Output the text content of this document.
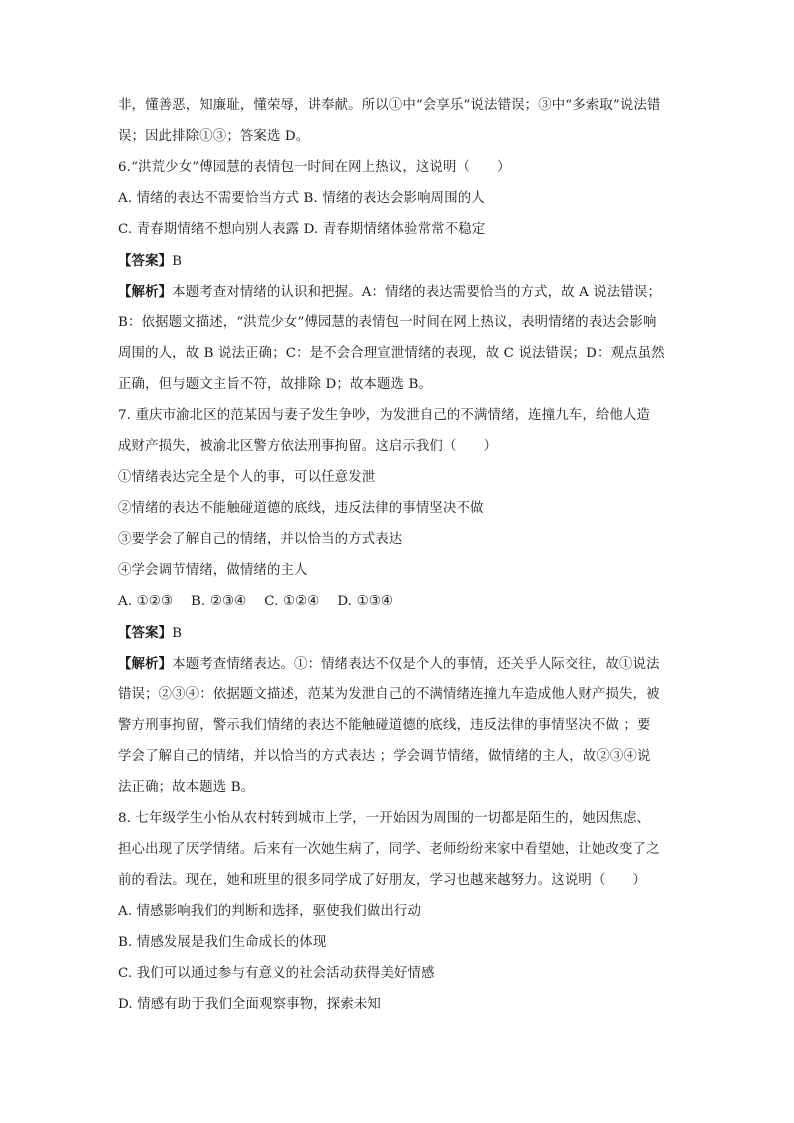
非，懂善恶，知廉耻，懂荣辱，讲奉献。所以①中“会享乐”说法错误；③中“多索取”说法错
误；因此排除①③；答案选 D。
6.“洪荒少女”傅园慧的表情包一时间在网上热议，这说明（　　）
A. 情绪的表达不需要恰当方式 B. 情绪的表达会影响周围的人
C. 青春期情绪不想向别人表露 D. 青春期情绪体验常常不稳定
【答案】B
【解析】本题考查对情绪的认识和把握。A：情绪的表达需要恰当的方式，故 A 说法错误；
B：依据题文描述，“洪荒少女”傅园慧的表情包一时间在网上热议，表明情绪的表达会影响
周围的人，故 B 说法正确；C：是不会合理宣泄情绪的表现，故 C 说法错误；D：观点虽然
正确，但与题文主旨不符，故排除 D；故本题选 B。
7. 重庆市渝北区的范某因与妻子发生争吵，为发泄自己的不满情绪，连撞九车，给他人造
成财产损失，被渝北区警方依法刑事拘留。这启示我们（　　）
①情绪表达完全是个人的事，可以任意发泄
②情绪的表达不能触碰道德的底线，违反法律的事情坚决不做
③要学会了解自己的情绪，并以恰当的方式表达
④学会调节情绪，做情绪的主人
A. ①②③　 B. ②③④　 C. ①②④　 D. ①③④
【答案】B
【解析】本题考查情绪表达。①：情绪表达不仅是个人的事情，还关乎人际交往，故①说法
错误；②③④：依据题文描述，范某为发泄自己的不满情绪连撞九车造成他人财产损失，被
警方刑事拘留，警示我们情绪的表达不能触碰道德的底线，违反法律的事情坚决不做 ；要
学会了解自己的情绪，并以恰当的方式表达 ；学会调节情绪，做情绪的主人，故②③④说
法正确；故本题选 B。
8. 七年级学生小怡从农村转到城市上学，一开始因为周围的一切都是陌生的，她因焦虑、
担心出现了厌学情绪。后来有一次她生病了，同学、老师纷纷来家中看望她，让她改变了之
前的看法。现在，她和班里的很多同学成了好朋友，学习也越来越努力。这说明（　　）
A. 情感影响我们的判断和选择，驱使我们做出行动
B. 情感发展是我们生命成长的体现
C. 我们可以通过参与有意义的社会活动获得美好情感
D. 情感有助于我们全面观察事物，探索未知
